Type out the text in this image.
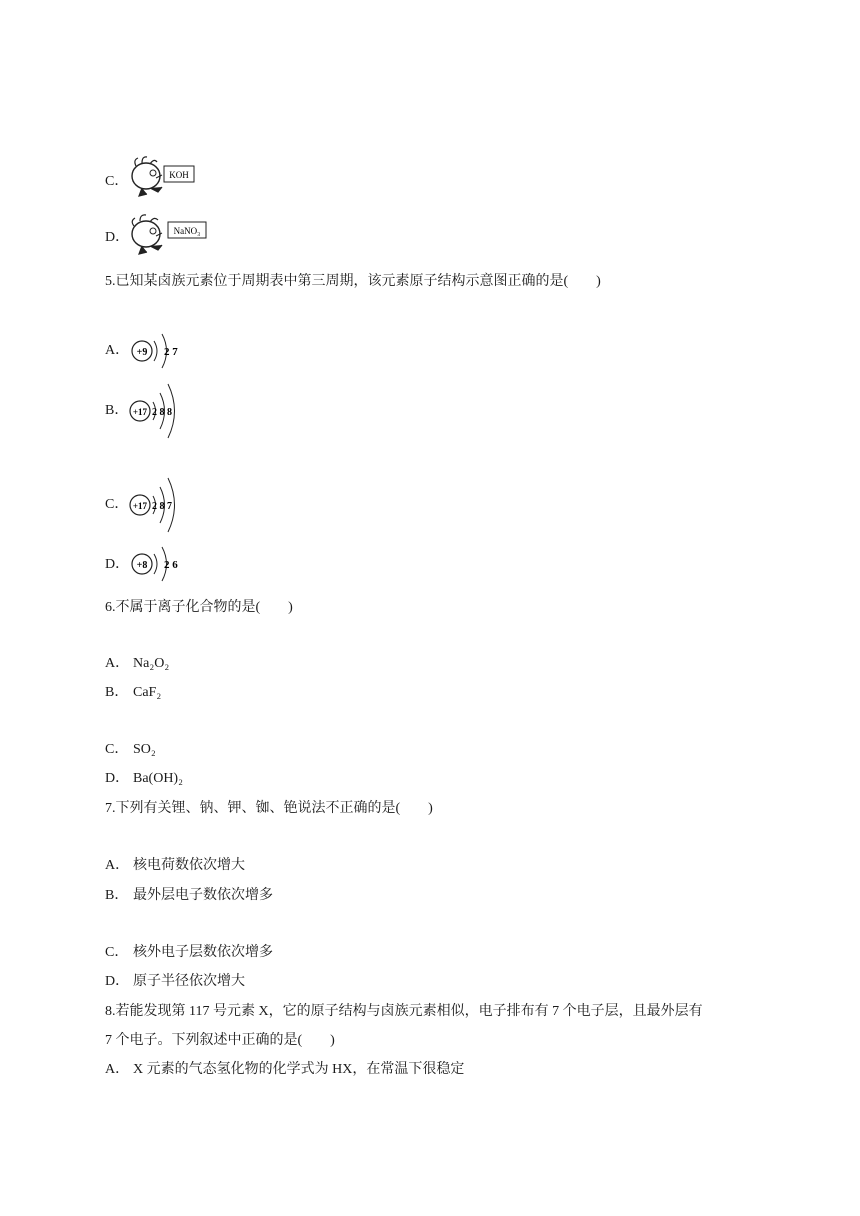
C．	KOH
D．	NaNO₃
5.已知某卤族元素位于周期表中第三周期，该元素原子结构示意图正确的是(　　)
A． +9 2 7
B． +17 2 8 8
C． +17 2 8 7
D． +8 2 6
6.不属于离子化合物的是(　　)
A． Na₂O₂
B． CaF₂
C． SO₂
D． Ba(OH)₂
7.下列有关锂、钠、钾、铷、铯说法不正确的是(　　)
A． 核电荷数依次增大
B． 最外层电子数依次增多
C． 核外电子层数依次增多
D． 原子半径依次增大
8.若能发现第 117 号元素 X，它的原子结构与卤族元素相似，电子排布有 7 个电子层，且最外层有
7 个电子。下列叙述中正确的是(　　)
A． X 元素的气态氢化物的化学式为 HX，在常温下很稳定
